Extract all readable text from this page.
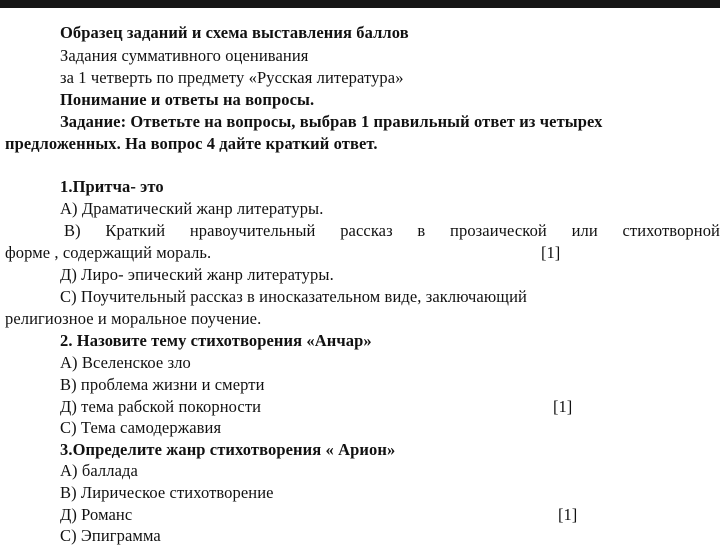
Образец заданий и схема выставления баллов
Задания суммативного оценивания
за 1 четверть по предмету «Русская литература»
Понимание и ответы на вопросы.
Задание: Ответьте на вопросы, выбрав 1 правильный ответ из четырех
предложенных. На вопрос 4 дайте краткий ответ.
1.Притча- это
А) Драматический жанр литературы.
В) Краткий нравоучительный рассказ в прозаической или стихотворной
форме , содержащий мораль.	[1]
Д) Лиро- эпический жанр литературы.
С) Поучительный рассказ в иносказательном виде, заключающий
религиозное и моральное поучение.
2. Назовите тему стихотворения «Анчар»
А) Вселенское зло
В) проблема жизни и смерти
Д) тема рабской покорности	[1]
С) Тема самодержавия
3.Определите жанр стихотворения « Арион»
А) баллада
В) Лирическое стихотворение
Д) Романс	[1]
С) Эпиграмма
